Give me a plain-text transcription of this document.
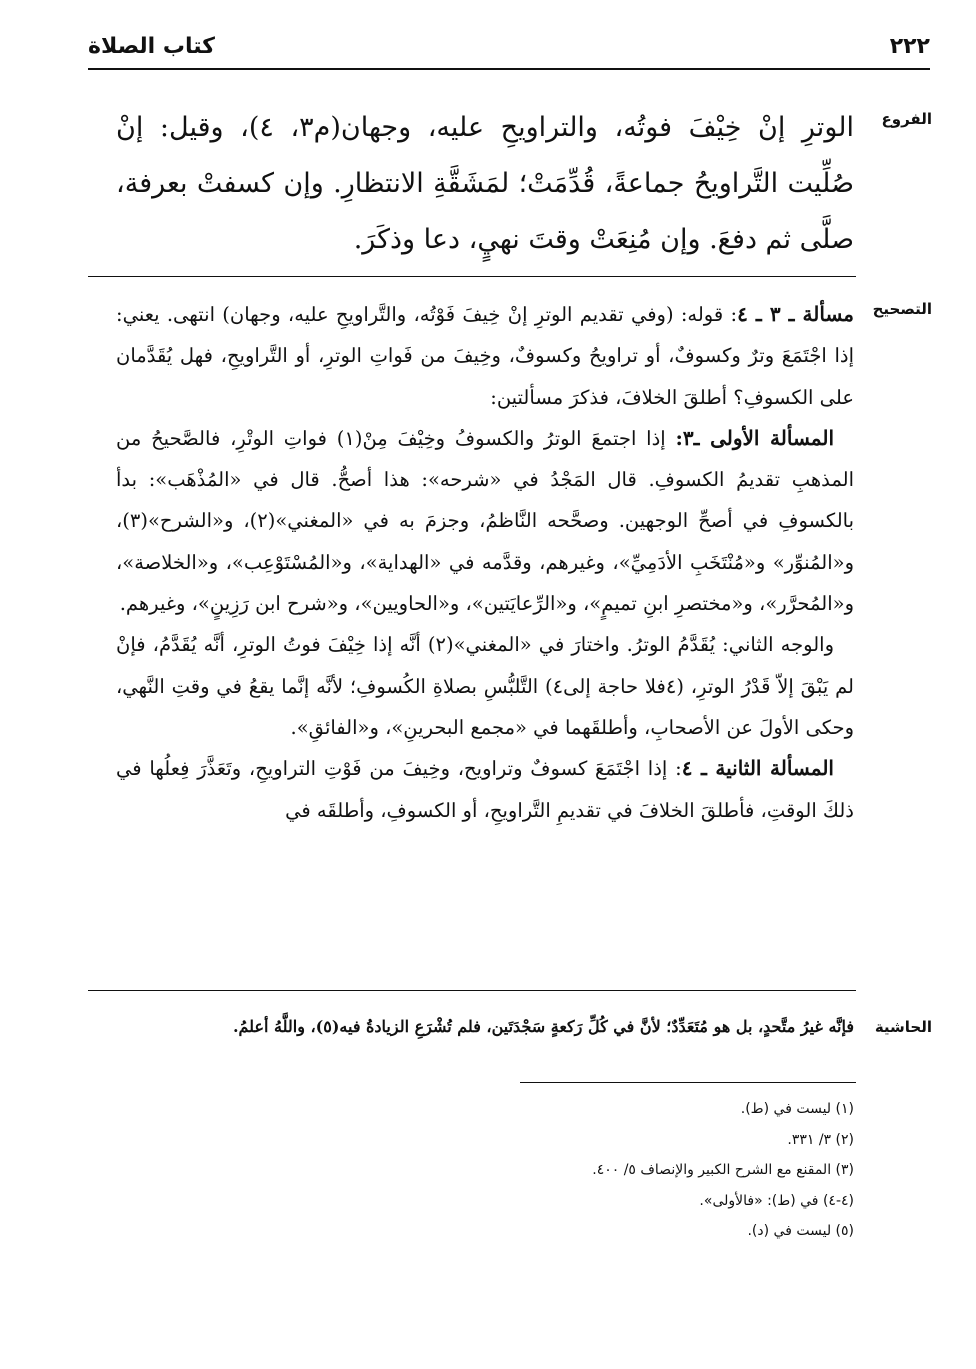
٢٢٢
كتاب الصلاة
الفروع
الوترِ إنْ خِيْفَ فوتُه، والتراويحِ عليه، وجهان(م٣، ٤)، وقيل: إنْ صُلِّيت التَّراويحُ جماعةً، قُدِّمَتْ؛ لمَشَقَّةِ الانتظارِ. وإن كسفتْ بعرفة، صلَّى ثم دفعَ. وإن مُنِعَتْ وقتَ نهيٍ، دعا وذكَرَ.
التصحيح

مسألة ـ ٣ ـ ٤: قوله: (وفي تقديم الوترِ إنْ خِيفَ فَوْتُه، والتَّراويحِ عليه، وجهان) انتهى. يعني: إذا اجْتَمَعَ وترٌ وكسوفٌ، أو تراويحُ وكسوفٌ، وخِيفَ من فَواتِ الوترِ، أو التَّراويحِ، فهل يُقَدَّمان على الكسوفِ؟ أطلقَ الخلافَ، فذكرَ مسألتين:

المسألة الأولى ـ٣: إذا اجتمعَ الوترُ والكسوفُ وخِيْفَ مِنْ(١) فواتِ الوتْرِ، فالصَّحيحُ من المذهبِ تقديمُ الكسوفِ. قال المَجْدُ في «شرحه»: هذا أصحُّ. قال في «المُذْهَب»: بدأ بالكسوفِ في أصحِّ الوجهين. وصحَّحه النَّاظمُ، وجزمَ به في «المغني»(٢)، و«الشرح»(٣)، و«المُنوِّر» و«مُنْتَخَبِ الأدَمِيِّ»، وغيرهم، وقدَّمه في «الهداية»، و«المُسْتَوْعِب»، و«الخلاصة»، و«المُحرَّر»، و«مختصرِ ابنِ تميمٍ»، و«الرِّعايَتين»، و«الحاويين»، و«شرح ابن رَزِينٍ»، وغيرهم.

والوجه الثاني: يُقَدَّمُ الوترُ. واختارَ في «المغني»(٢) أنَّه إذا خِيْفَ فوتُ الوترِ، أنَّه يُقَدَّمُ، فإنْ لم يَبْقَ إلاّ قَدْرُ الوترِ، (٤فلا حاجة إلى٤) التَّلبُّسِ بصلاةِ الكُسوفِ؛ لأنَّه إنَّما يقعُ في وقتِ النَّهي، وحكى الأولَ عن الأصحابِ، وأطلقَهما في «مجمع البحرينِ»، و«الفائقِ».

المسألة الثانية ـ ٤: إذا اجْتَمَعَ كسوفٌ وتراويح، وخِيفَ من فَوْتِ التراويحِ، وتَعَذَّرَ فِعلُها في ذلكَ الوقتِ، فأطلقَ الخلافَ في تقديمِ التَّراويحِ، أو الكسوفِ، وأطلقَه في

الحاشية
فإنَّه غيرُ متَّحدٍ، بل هو مُتَعَدِّدٌ؛ لأنَّ في كُلِّ رَكعةٍ سَجْدَتَين، فلم تُشْرَعِ الزيادةُ فيه(٥)، واللَّهُ أعلمُ.
(١) ليست في (ط).
(٢) ٣/ ٣٣١.
(٣) المقنع مع الشرح الكبير والإنصاف ٥/ ٤٠٠.
(٤-٤) في (ط): «فالأولى».
(٥) ليست في (د).
